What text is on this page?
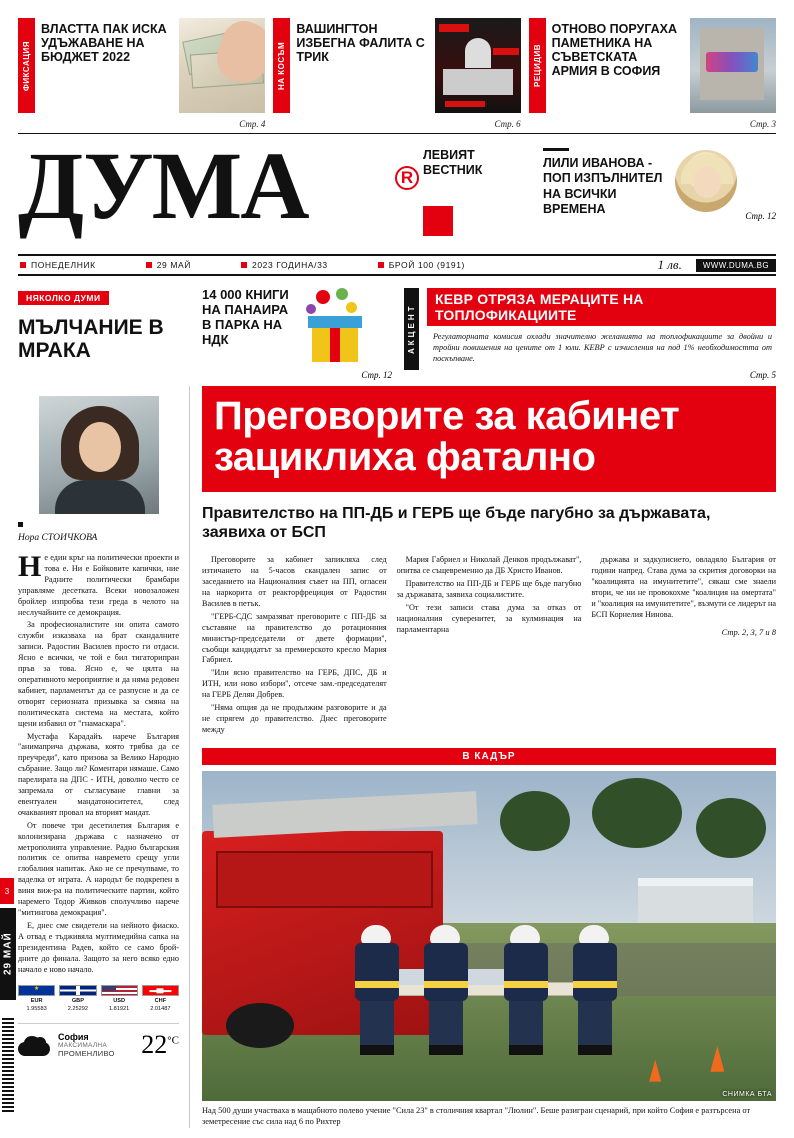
ФИКСАЦИЯ
ВЛАСТТА ПАК ИСКА УДЪЖАВАНЕ НА БЮДЖЕТ 2022
Стр. 4
НА КОСЪМ
ВАШИНГТОН ИЗБЕГНА ФАЛИТА С ТРИК
Стр. 6
РЕЦИДИВ
ОТНОВО ПОРУГАХА ПАМЕТНИКА НА СЪВЕТСКАТА АРМИЯ В СОФИЯ
Стр. 3
ДУМА	R
ЛЕВИЯТ
ВЕСТНИК	ЛИЛИ ИВАНОВА - ПОП ИЗПЪЛНИТЕЛ НА ВСИЧКИ ВРЕМЕНА
Стр. 12
ПОНЕДЕЛНИК	29 МАЙ	2023 ГОДИНА/33	БРОЙ 100 (9191)	1 лв.	WWW.DUMA.BG
НЯКОЛКО ДУМИ
МЪЛЧАНИЕ В МРАКА
14 000 КНИГИ НА ПАНАИРА В ПАРКА НА НДК
Стр. 12
АКЦЕНТ
КЕВР ОТРЯЗА МЕРАЦИТЕ НА ТОПЛОФИКАЦИИТЕ
Регулаторната комисия охлади значително желанията на топлофикациите за двойни и тройни повишения на цените от 1 юли. КЕВР с изчисления на под 1% необходимостта от поскъпване.
Стр. 5
Нора СТОИЧКОВА

Не един кръг на политически проекти и това е. Ни е Бойковите капички, ние Радните политически брамбари управляме десетката. Всеки новозаложен бройлер изпробва тези греда в челото на неслучайните се демокрация.

За професионалистите ни опита самото служби изказваха на брат скандалните записи. Радостин Василев просто ги отдаси. Ясно е всички, че той е бил тигаторипран пръв за това. Ясно е, че цялта на оперативното мероприятие и да няма редовен кабинет, парламентът да се разпусне и да се отворят сериозната призывка за смяна на политическата система на местата, който щени избавил от "гнамаскара".

Мустафа Карадайъ нарече България "анимаприча държава, която трябва да се преучреди", като призова за Велико Народно събрание. Защо ли? Коментари нямаше. Само парелирата на ДПС - ИТН, доволно често се запремала от съгласуване главни за евентуален мандатоноситетел, след очакваният провал на вторият мандат.

От повече три десетилетия България е колонизирана държава с назначено от метрополията управление. Радно българския политик се опитва навремето срещу угли глобалния напитак. Ако не се пречупваме, то ваделка от играта. А народът бе подкрепен в виня виж-ра на политическите партии, който наремего Тодор Живков сполучливо нарече "митингова демокрация".

Е, днес сме свидетели на нейното фиаско. А отвад е тъдживяла мултимедийна сапка на президентина Радев, който се само брой-дните до финала. Защото за него всяко едно начало е ново начало.

★
EUR
1.95583
GBP
2.25292
USD
1.81921
CHF
2.01487
София
МАКСИМАЛНА
ПРОМЕНЛИВО $22^{^\circ C}$
Преговорите за кабинет зациклиха фатално
Правителство на ПП-ДБ и ГЕРБ ще бъде пагубно за държавата, заявиха от БСП

Преговорите за кабинет запикляха след изтичането на 5-часов скандален запис от заседанието на Националния съвет на ПП, огласен на наркорита от реакторфрециция от Радостин Василев в петък.

"ГЕРБ-СДС замразяват преговорите с ПП-ДБ за съставяне на правителство до ротационния министър-председатели от двете формации", съобщи кандидатът за премиерското кресло Мария Габриел.

"Или ясно правителство на ГЕРБ, ДПС, ДБ и ИТН, или ново избори", отсече зам.-председателят на ГЕРБ Делян Добрев.

"Няма опция да не продължим разговорите и да не спрягем до правителство. Днес преговорите между

Мария Габриел и Николай Денков продължават", опитва се същевременно да ДБ Христо Иванов.

Правителство на ПП-ДБ и ГЕРБ ще бъде пагубно за държавата, заявиха социалистите.

"От тези записи става дума за отказ от националния суверенитет, за кулминация на парламентарна

държава и задкулисието, овладяло България от години напред. Става дума за скрития договорки на "коалицията на имунитетите", сякаш сме знаели втори, че ни не провокохме "коалиция на омертата" и "коалиция на имунитетите", възмути се лидерът на БСП Корнелия Нинова.

Стр. 2, 3, 7 и 8
В КАДЪР
СНИМКА БТА
Над 500 души участваха в мащабното полево учение "Сила 23" в столичния квартал "Люлин". Беше разигран сценарий, при който София е разтърсена от земетресение със сила над 6 по Рихтер
3
29 МАЙ
